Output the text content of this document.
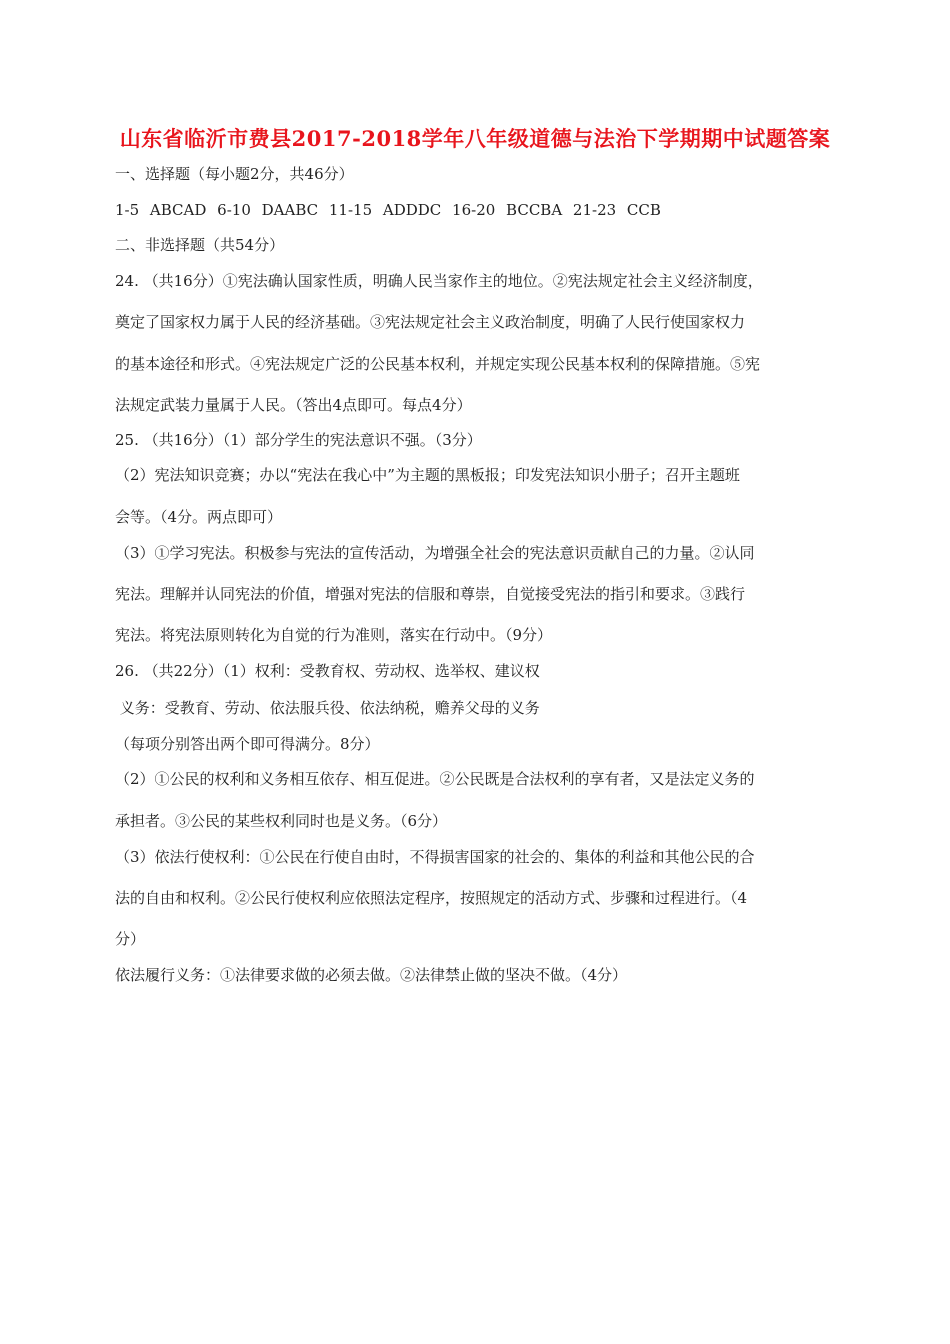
山东省临沂市费县2017-2018学年八年级道德与法治下学期期中试题答案
一、选择题（每小题2分，共46分）
1-5 ABCAD 6-10 DAABC 11-15 ADDDC 16-20 BCCBA 21-23 CCB
二、非选择题（共54分）
24. （共16分）①宪法确认国家性质，明确人民当家作主的地位。②宪法规定社会主义经济制度，
奠定了国家权力属于人民的经济基础。③宪法规定社会主义政治制度，明确了人民行使国家权力
的基本途径和形式。④宪法规定广泛的公民基本权利，并规定实现公民基本权利的保障措施。⑤宪
法规定武装力量属于人民。（答出4点即可。每点4分）
25. （共16分）（1）部分学生的宪法意识不强。（3分）
（2）宪法知识竞赛；办以“宪法在我心中”为主题的黑板报；印发宪法知识小册子；召开主题班
会等。（4分。两点即可）
（3）①学习宪法。积极参与宪法的宣传活动，为增强全社会的宪法意识贡献自己的力量。②认同
宪法。理解并认同宪法的价值，增强对宪法的信服和尊崇，自觉接受宪法的指引和要求。③践行
宪法。将宪法原则转化为自觉的行为准则，落实在行动中。（9分）
26. （共22分）（1）权利：受教育权、劳动权、选举权、建议权
义务：受教育、劳动、依法服兵役、依法纳税，赡养父母的义务
（每项分别答出两个即可得满分。8分）
（2）①公民的权利和义务相互依存、相互促进。②公民既是合法权利的享有者，又是法定义务的
承担者。③公民的某些权利同时也是义务。（6分）
（3）依法行使权利：①公民在行使自由时，不得损害国家的社会的、集体的利益和其他公民的合
法的自由和权利。②公民行使权利应依照法定程序，按照规定的活动方式、步骤和过程进行。（4
分）
依法履行义务：①法律要求做的必须去做。②法律禁止做的坚决不做。（4分）
